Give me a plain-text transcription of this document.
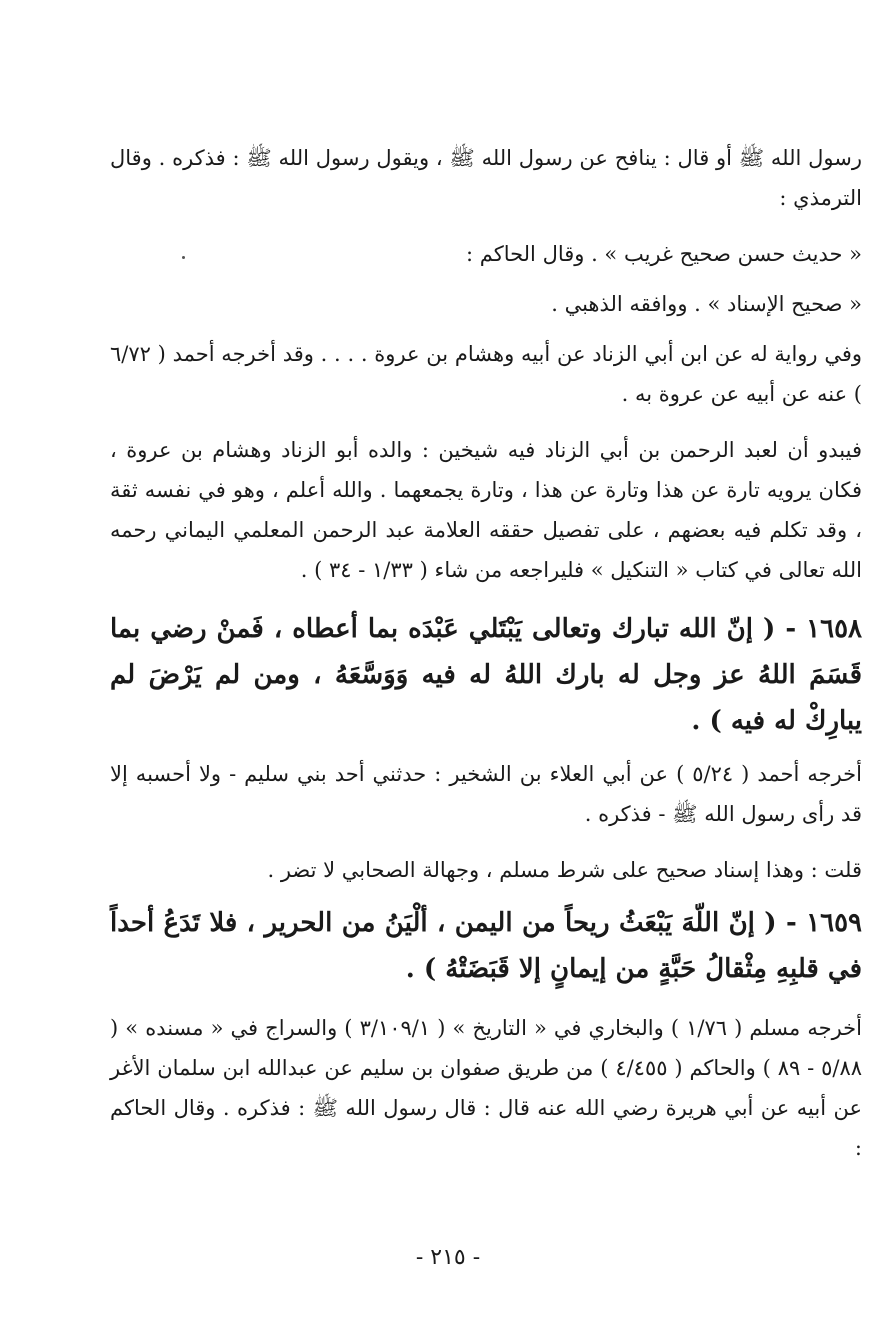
رسول الله ﷺ أو قال : ينافح عن رسول الله ﷺ ، ويقول رسول الله ﷺ : فذكره . وقال الترمذي :

« حديث حسن صحيح غريب » . وقال الحاكم :

« صحيح الإسناد » . ووافقه الذهبي .

وفي رواية له عن ابن أبي الزناد عن أبيه وهشام بن عروة . . . . وقد أخرجه أحمد ( ٦/٧٢ ) عنه عن أبيه عن عروة به .

فيبدو أن لعبد الرحمن بن أبي الزناد فيه شيخين : والده أبو الزناد وهشام بن عروة ، فكان يرويه تارة عن هذا وتارة عن هذا ، وتارة يجمعهما . والله أعلم ، وهو في نفسه ثقة ، وقد تكلم فيه بعضهم ، على تفصيل حققه العلامة عبد الرحمن المعلمي اليماني رحمه الله تعالى في كتاب « التنكيل » فليراجعه من شاء ( ١/٣٣ - ٣٤ ) .

١٦٥٨ - ( إنّ الله تبارك وتعالى يَبْتَلي عَبْدَه بما أعطاه ، فَمنْ رضي بما قَسَمَ اللهُ عز وجل له بارك اللهُ له فيه وَوَسَّعَهُ ، ومن لم يَرْضَ لم يبارِكْ له فيه ) .

أخرجه أحمد ( ٥/٢٤ ) عن أبي العلاء بن الشخير : حدثني أحد بني سليم - ولا أحسبه إلا قد رأى رسول الله ﷺ - فذكره .

قلت : وهذا إسناد صحيح على شرط مسلم ، وجهالة الصحابي لا تضر .

١٦٥٩ - ( إنّ اللّهَ يَبْعَثُ ريحاً من اليمن ، ألْيَنُ من الحرير ، فلا تَدَعُ أحداً في قلبِهِ مِثْقالُ حَبَّةٍ من إيمانٍ إلا قَبَضَتْهُ ) .

أخرجه مسلم ( ١/٧٦ ) والبخاري في « التاريخ » ( ٣/١٠٩/١ ) والسراج في « مسنده » ( ٥/٨٨ - ٨٩ ) والحاكم ( ٤/٤٥٥ ) من طريق صفوان بن سليم عن عبدالله ابن سلمان الأغر عن أبيه عن أبي هريرة رضي الله عنه قال : قال رسول الله ﷺ : فذكره . وقال الحاكم :

- ٢١٥ -
